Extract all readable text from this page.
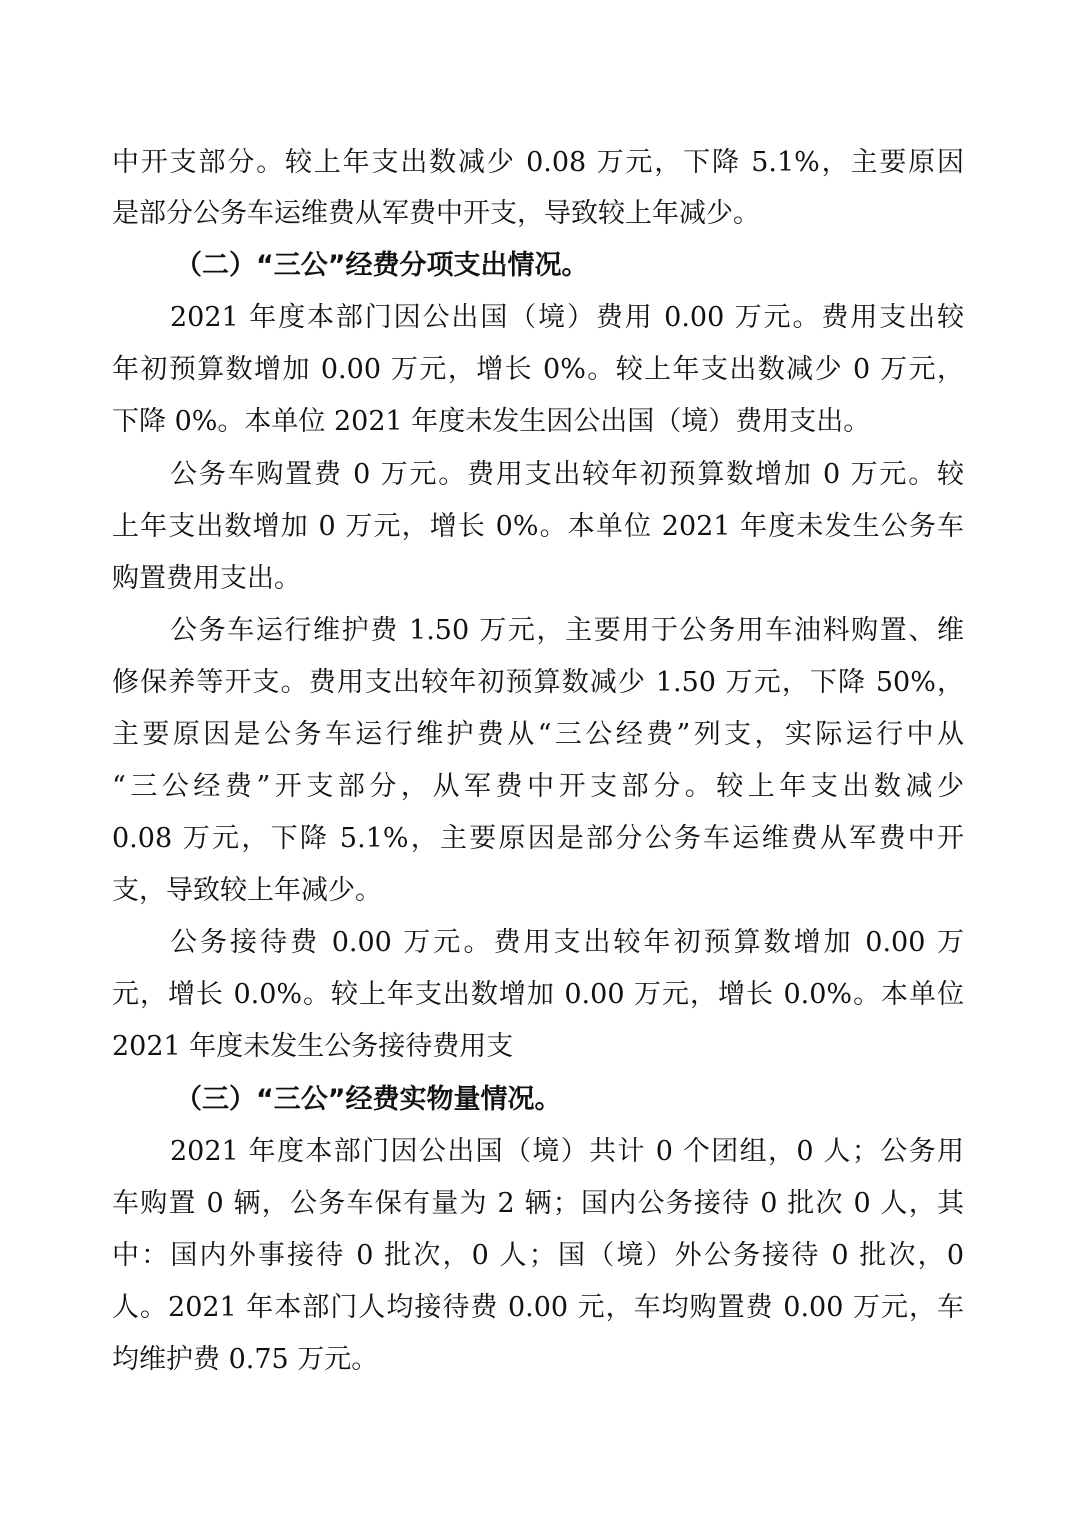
中开支部分。较上年支出数减少 0.08 万元，下降 5.1%，主要原因
是部分公务车运维费从军费中开支，导致较上年减少。
（二）“三公”经费分项支出情况。
2021 年度本部门因公出国（境）费用 0.00 万元。费用支出较
年初预算数增加 0.00 万元，增长 0%。较上年支出数减少 0 万元，
下降 0%。本单位 2021 年度未发生因公出国（境）费用支出。
公务车购置费 0 万元。费用支出较年初预算数增加 0 万元。较
上年支出数增加 0 万元，增长 0%。本单位 2021 年度未发生公务车
购置费用支出。
公务车运行维护费 1.50 万元，主要用于公务用车油料购置、维
修保养等开支。费用支出较年初预算数减少 1.50 万元，下降 50%，
主要原因是公务车运行维护费从“三公经费”列支，实际运行中从
“三公经费”开支部分，从军费中开支部分。较上年支出数减少
0.08 万元，下降 5.1%，主要原因是部分公务车运维费从军费中开
支，导致较上年减少。
公务接待费 0.00 万元。费用支出较年初预算数增加 0.00 万
元，增长 0.0%。较上年支出数增加 0.00 万元，增长 0.0%。本单位
2021 年度未发生公务接待费用支
（三）“三公”经费实物量情况。
2021 年度本部门因公出国（境）共计 0 个团组，0 人；公务用
车购置 0 辆，公务车保有量为 2 辆；国内公务接待 0 批次 0 人，其
中：国内外事接待 0 批次，0 人；国（境）外公务接待 0 批次，0
人。2021 年本部门人均接待费 0.00 元，车均购置费 0.00 万元，车
均维护费 0.75 万元。
